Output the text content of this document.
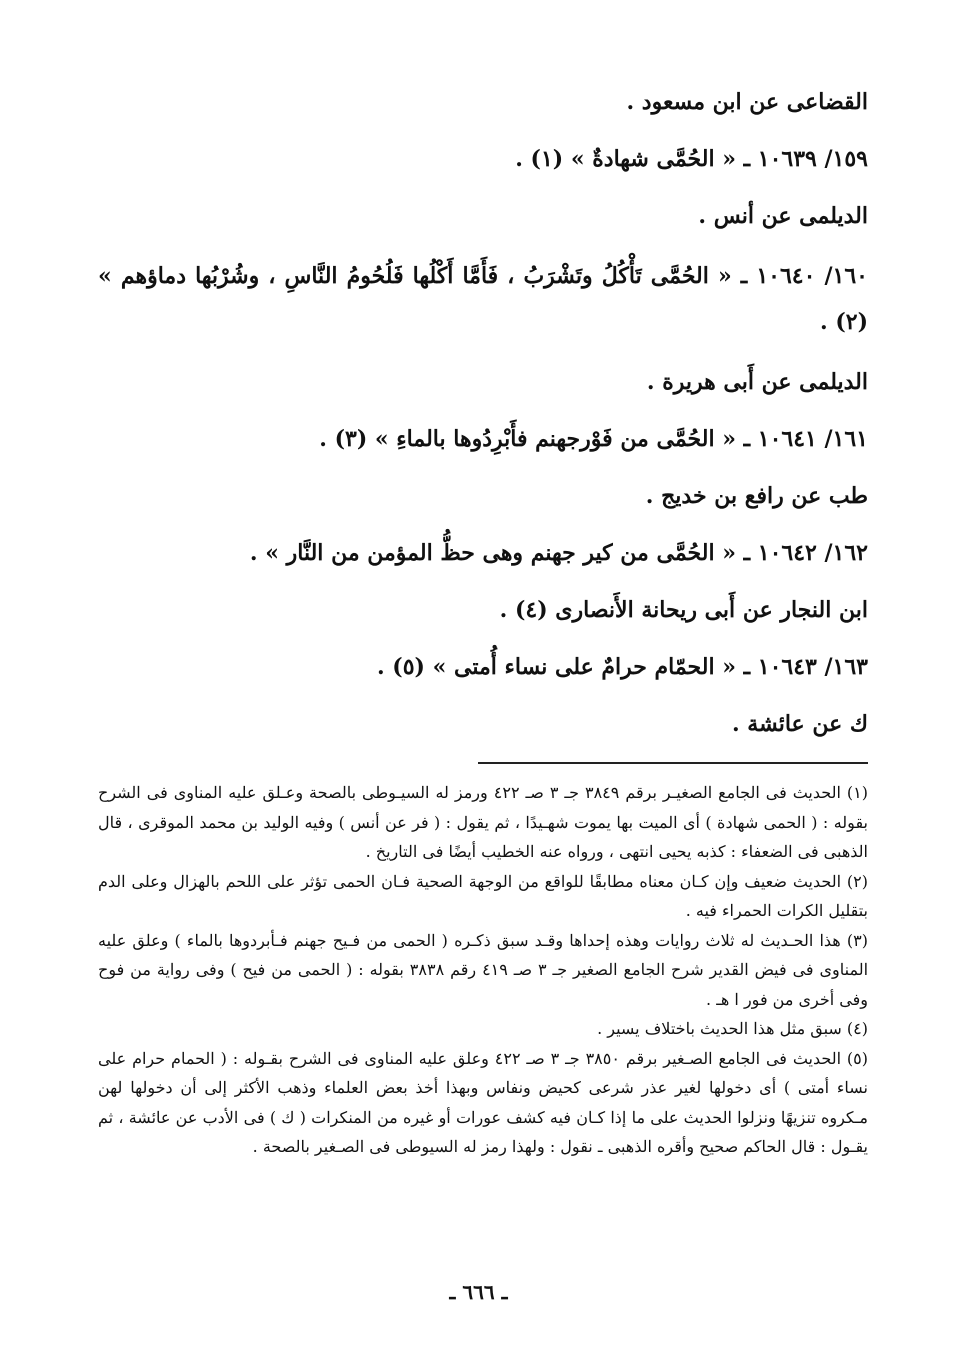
القضاعى عن ابن مسعود .
١٥٩/ ١٠٦٣٩ ـ « الحُمَّى شهادةٌ » (١) .
الديلمى عن أنس .
١٦٠/ ١٠٦٤٠ ـ « الحُمَّى تَأْكُلُ وتَشْرَبُ ، فَأَمَّا أَكْلُها فَلُحُومُ النَّاسِ ، وشُرْبُها دماؤهم » (٢) .
الديلمى عن أَبى هريرة .
١٦١/ ١٠٦٤١ ـ « الحُمَّى من فَوْرجهنم فأَبْرِدُوها بالماءِ » (٣) .
طب عن رافع بن خديج .
١٦٢/ ١٠٦٤٢ ـ « الحُمَّى من كير جهنم وهى حظُّ المؤمن من النَّار » .
ابن النجار عن أَبى ريحانة الأَنصارى (٤) .
١٦٣/ ١٠٦٤٣ ـ « الحمّام حرامٌ على نساء أُمتى » (٥) .
ك عن عائشة .

(١) الحديث فى الجامع الصغيـر برقم ٣٨٤٩ جـ ٣ صـ ٤٢٢ ورمز له السيـوطى بالصحة وعـلق عليه المناوى فى الشرح بقوله : ( الحمى شهادة ) أى الميت بها يموت شهـيدًا ، ثم يقول : ( فر عن أنس ) وفيه الوليد بن محمد الموقرى ، قال الذهبى فى الضعفاء : كذبه يحيى انتهى ، ورواه عنه الخطيب أيضًا فى التاريخ .

(٢) الحديث ضعيف وإن كـان معناه مطابقًا للواقع من الوجهة الصحية فـان الحمى تؤثر على اللحم بالهزال وعلى الدم بتقليل الكرات الحمراء فيه .

(٣) هذا الحـديث له ثلاث روايات وهذه إحداها وقـد سبق ذكـره ( الحمى من فـيح جهنم فـأبردوها بالماء ) وعلق عليه المناوى فى فيض القدير شرح الجامع الصغير جـ ٣ صـ ٤١٩ رقم ٣٨٣٨ بقوله : ( الحمى من فيح ) وفى رواية من فوح وفى أخرى من فور ا هـ .

(٤) سبق مثل هذا الحديث باختلاف يسير .

(٥) الحديث فى الجامع الصـغير برقم ٣٨٥٠ جـ ٣ صـ ٤٢٢ وعلق عليه المناوى فى الشرح بقـوله : ( الحمام حرام على نساء أمتى ) أى دخولها لغير عذر شرعى كحيض ونفاس وبهذا أخذ بعض العلماء وذهب الأكثر إلى أن دخولها لهن مـكروه تنزيهًا ونزلوا الحديث على ما إذا كـان فيه كشف عورات أو غيره من المنكرات ( ك ) فى الأدب عن عائشة ، ثم يقـول : قال الحاكم صحيح وأقره الذهبى ـ نقول : ولهذا رمز له السيوطى فى الصـغير بالصحة .

ـ ٦٦٦ ـ
